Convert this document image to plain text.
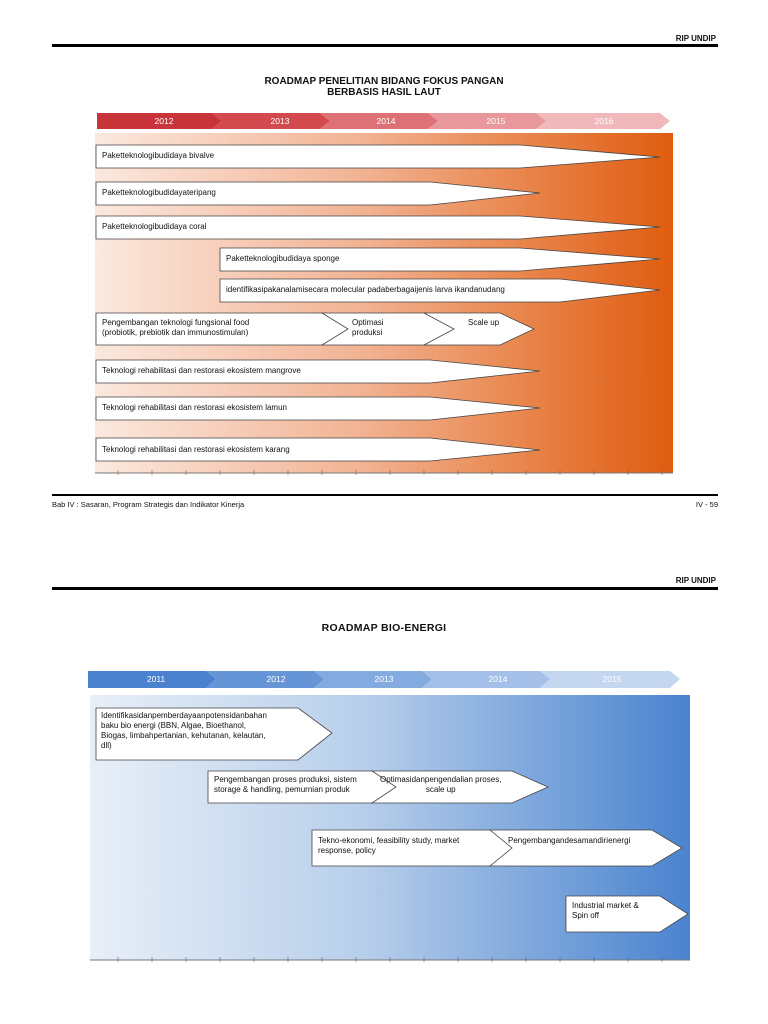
RIP UNDIP
ROADMAP PENELITIAN BIDANG FOKUS PANGAN
BERBASIS HASIL LAUT
2012	2013	2014	2015	2016
Paketteknologibudidaya bivalve
Paketteknologibudidayateripang
Paketteknologibudidaya coral
Paketteknologibudidaya sponge
identifikasipakanalamisecara molecular padaberbagaijenis larva ikandanudang
Pengembangan teknologi fungsional food
(probiotik, prebiotik dan immunostimulan)
Optimasi
produksi
Scale up
Teknologi rehabilitasi dan restorasi ekosistem mangrove
Teknologi rehabilitasi dan restorasi ekosistem lamun
Teknologi rehabilitasi dan restorasi ekosistem karang
Bab IV : Sasaran, Program Strategis dan Indikator Kinerja	IV - 59
RIP UNDIP
ROADMAP BIO-ENERGI
2011	2012	2013	2014	2015
Identifikasidanpemberdayaanpotensidanbahan
baku bio energi (BBN, Algae, Bioethanol,
Biogas, limbahpertanian, kehutanan, kelautan,
dll)
Pengembangan proses produksi, sistem
storage & handling, pemurnian produk
Optimasidanpengendalian proses,
scale up
Tekno-ekonomi, feasibility study, market
response, policy
Pengembangandesamandirienergi
Industrial market &
Spin off
